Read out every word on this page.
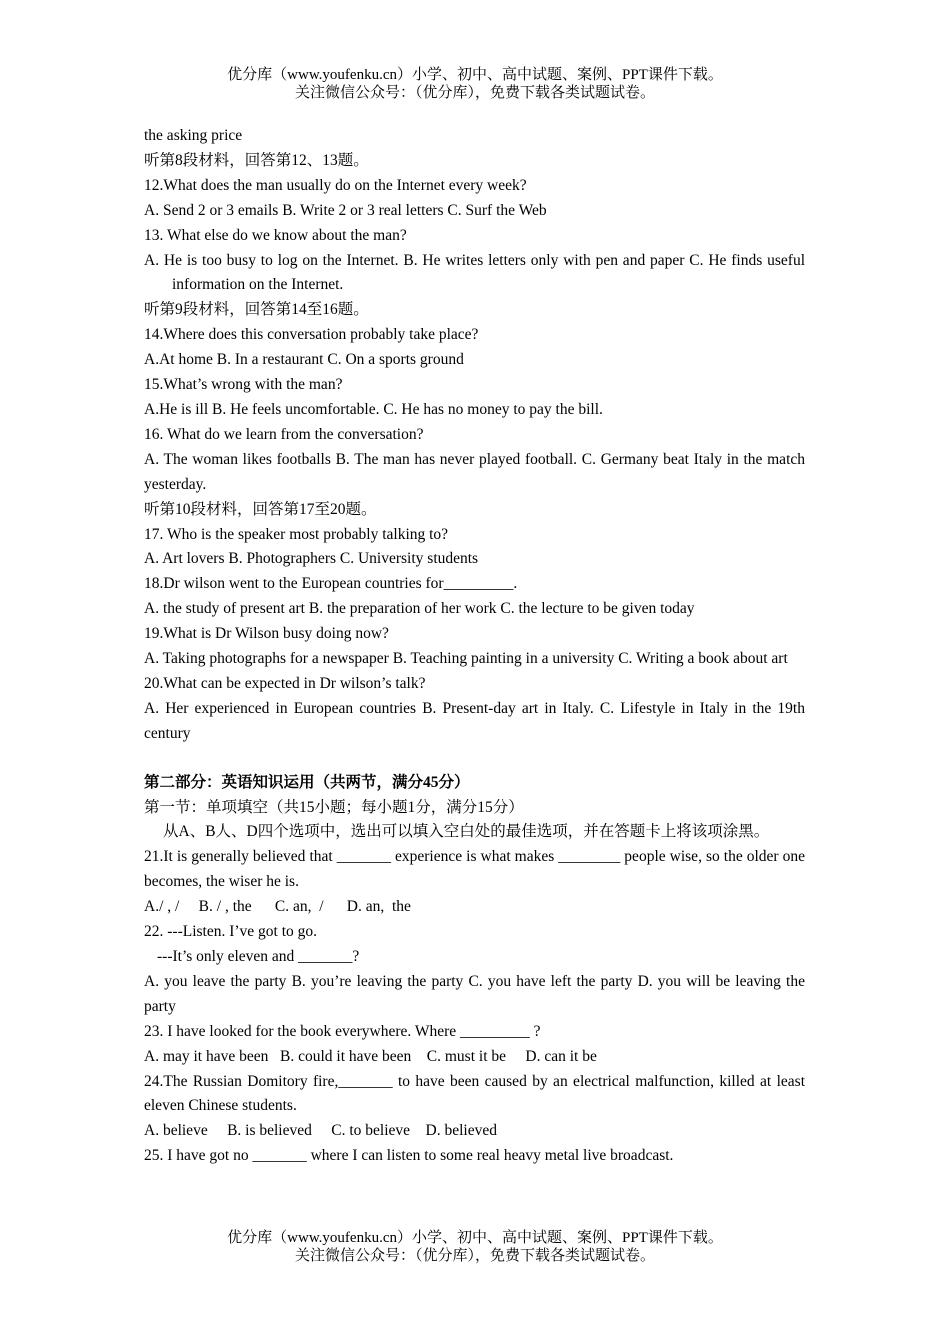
优分库（www.youfenku.cn）小学、初中、高中试题、案例、PPT课件下载。
关注微信公众号：（优分库），免费下载各类试题试卷。
the asking price
听第8段材料，回答第12、13题。
12.What does the man usually do on the Internet every week?
A. Send 2 or 3 emails B. Write 2 or 3 real letters C. Surf the Web
13. What else do we know about the man?
A. He is too busy to log on the Internet. B. He writes letters only with pen and paper C. He finds useful information on the Internet.
听第9段材料，回答第14至16题。
14.Where does this conversation probably take place?
A.At home B. In a restaurant C. On a sports ground
15.What’s wrong with the man?
A.He is ill B. He feels uncomfortable. C. He has no money to pay the bill.
16. What do we learn from the conversation?
A. The woman likes footballs B. The man has never played football. C. Germany beat Italy in the match yesterday.
听第10段材料，回答第17至20题。
17. Who is the speaker most probably talking to?
A. Art lovers B. Photographers C. University students
18.Dr wilson went to the European countries for_________.
A. the study of present art B. the preparation of her work C. the lecture to be given today
19.What is Dr Wilson busy doing now?
A. Taking photographs for a newspaper B. Teaching painting in a university C. Writing a book about art
20.What can be expected in Dr wilson’s talk?
A. Her experienced in European countries B. Present-day art in Italy. C. Lifestyle in Italy in the 19th century
第二部分：英语知识运用（共两节，满分45分）
第一节：单项填空（共15小题；每小题1分，满分15分）
从A、B人、D四个选项中，选出可以填入空白处的最佳选项，并在答题卡上将该项涂黑。
21.It is generally believed that _______ experience is what makes ________ people wise, so the older one becomes, the wiser he is.
A./ , /     B. / , the      C. an,  /      D. an,  the
22. ---Listen. I’ve got to go.
---It’s only eleven and _______?
A. you leave the party B. you’re leaving the party C. you have left the party D. you will be leaving the party
23. I have looked for the book everywhere. Where _________ ?
A. may it have been   B. could it have been    C. must it be     D. can it be
24.The Russian Domitory fire,_______ to have been caused by an electrical malfunction, killed at least eleven Chinese students.
A. believe     B. is believed     C. to believe    D. believed
25. I have got no _______ where I can listen to some real heavy metal live broadcast.
优分库（www.youfenku.cn）小学、初中、高中试题、案例、PPT课件下载。
关注微信公众号：（优分库），免费下载各类试题试卷。
